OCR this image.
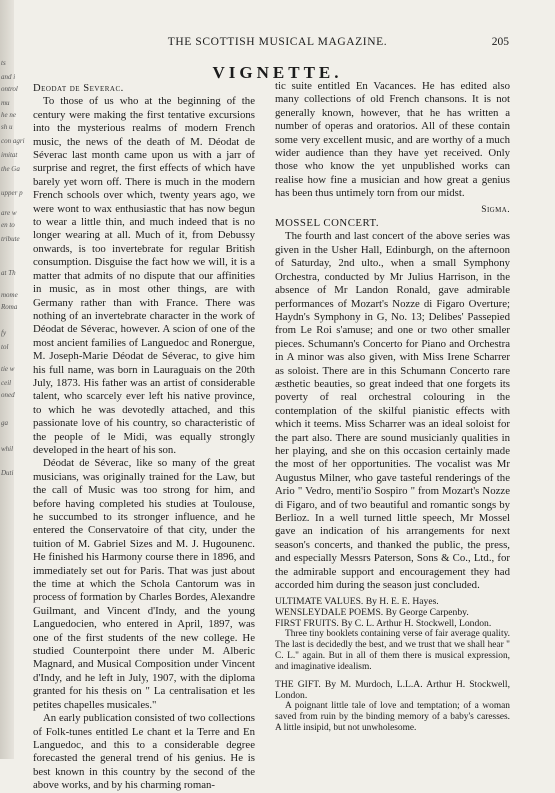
ts
and i
ontrol
mu
he ne
sh u
con agri
imitat
the Ga
upper p
are w
en to
tribute
at Th
mome
Roma
fy
tol
tie w
ceil
oned
ga
whil
Duti
THE SCOTTISH MUSICAL MAGAZINE.	205
VIGNETTE.

Deodat de Severac.

To those of us who at the beginning of the century were making the first tentative excursions into the mysterious realms of modern French music, the news of the death of M. Déodat de Séverac last month came upon us with a jarr of surprise and regret, the first effects of which have barely yet worn off. There is much in the modern French schools over which, twenty years ago, we were wont to wax enthusiastic that has now begun to wear a little thin, and much indeed that is no longer wearing at all. Much of it, from Debussy onwards, is too invertebrate for regular British consumption. Disguise the fact how we will, it is a matter that admits of no dispute that our affinities in music, as in most other things, are with Germany rather than with France. There was nothing of an invertebrate character in the work of Déodat de Séverac, however. A scion of one of the most ancient families of Languedoc and Ronergue, M. Joseph-Marie Déodat de Séverac, to give him his full name, was born in Lauraguais on the 20th July, 1873. His father was an artist of considerable talent, who scarcely ever left his native province, to which he was devotedly attached, and this passionate love of his country, so characteristic of the people of le Midi, was equally strongly developed in the heart of his son.

Déodat de Séverac, like so many of the great musicians, was originally trained for the Law, but the call of Music was too strong for him, and before having completed his studies at Toulouse, he succumbed to its stronger influence, and he entered the Conservatoire of that city, under the tuition of M. Gabriel Sizes and M. J. Hugounenc. He finished his Harmony course there in 1896, and immediately set out for Paris. That was just about the time at which the Schola Cantorum was in process of formation by Charles Bordes, Alexandre Guilmant, and Vincent d'Indy, and the young Languedocien, who entered in April, 1897, was one of the first students of the new college. He studied Counterpoint there under M. Alberic Magnard, and Musical Composition under Vincent d'Indy, and he left in July, 1907, with the diploma granted for his thesis on " La centralisation et les petites chapelles musicales."

An early publication consisted of two collections of Folk-tunes entitled Le chant et la Terre and En Languedoc, and this to a considerable degree forecasted the general trend of his genius. He is best known in this country by the second of the above works, and by his charming roman-

tic suite entitled En Vacances. He has edited also many collections of old French chansons. It is not generally known, however, that he has written a number of operas and oratorios. All of these contain some very excellent music, and are worthy of a much wider audience than they have yet received. Only those who know the yet unpublished works can realise how fine a musician and how great a genius has been thus untimely torn from our midst.

Sigma.

MOSSEL CONCERT.

The fourth and last concert of the above series was given in the Usher Hall, Edinburgh, on the afternoon of Saturday, 2nd ulto., when a small Symphony Orchestra, conducted by Mr Julius Harrison, in the absence of Mr Landon Ronald, gave admirable performances of Mozart's Nozze di Figaro Overture; Haydn's Symphony in G, No. 13; Delibes' Passepied from Le Roi s'amuse; and one or two other smaller pieces. Schumann's Concerto for Piano and Orchestra in A minor was also given, with Miss Irene Scharrer as soloist. There are in this Schumann Concerto rare æsthetic beauties, so great indeed that one forgets its poverty of real orchestral colouring in the contemplation of the skilful pianistic effects with which it teems. Miss Scharrer was an ideal soloist for the part also. There are sound musicianly qualities in her playing, and she on this occasion certainly made the most of her opportunities. The vocalist was Mr Augustus Milner, who gave tasteful renderings of the Ario " Vedro, menti'io Sospiro " from Mozart's Nozze di Figaro, and of two beautiful and romantic songs by Berlioz. In a well turned little speech, Mr Mossel gave an indication of his arrangements for next season's concerts, and thanked the public, the press, and especially Messrs Paterson, Sons & Co., Ltd., for the admirable support and encouragement they had accorded him during the season just concluded.

ULTIMATE VALUES. By H. E. E. Hayes.

WENSLEYDALE POEMS. By George Carpenby.

FIRST FRUITS. By C. L. Arthur H. Stockwell, London.

Three tiny booklets containing verse of fair average quality. The last is decidedly the best, and we trust that we shall hear " C. L." again. But in all of them there is musical expression, and imaginative idealism.

THE GIFT. By M. Murdoch, L.L.A. Arthur H. Stockwell, London.

A poignant little tale of love and temptation; of a woman saved from ruin by the binding memory of a baby's caresses. A little insipid, but not unwholesome.
